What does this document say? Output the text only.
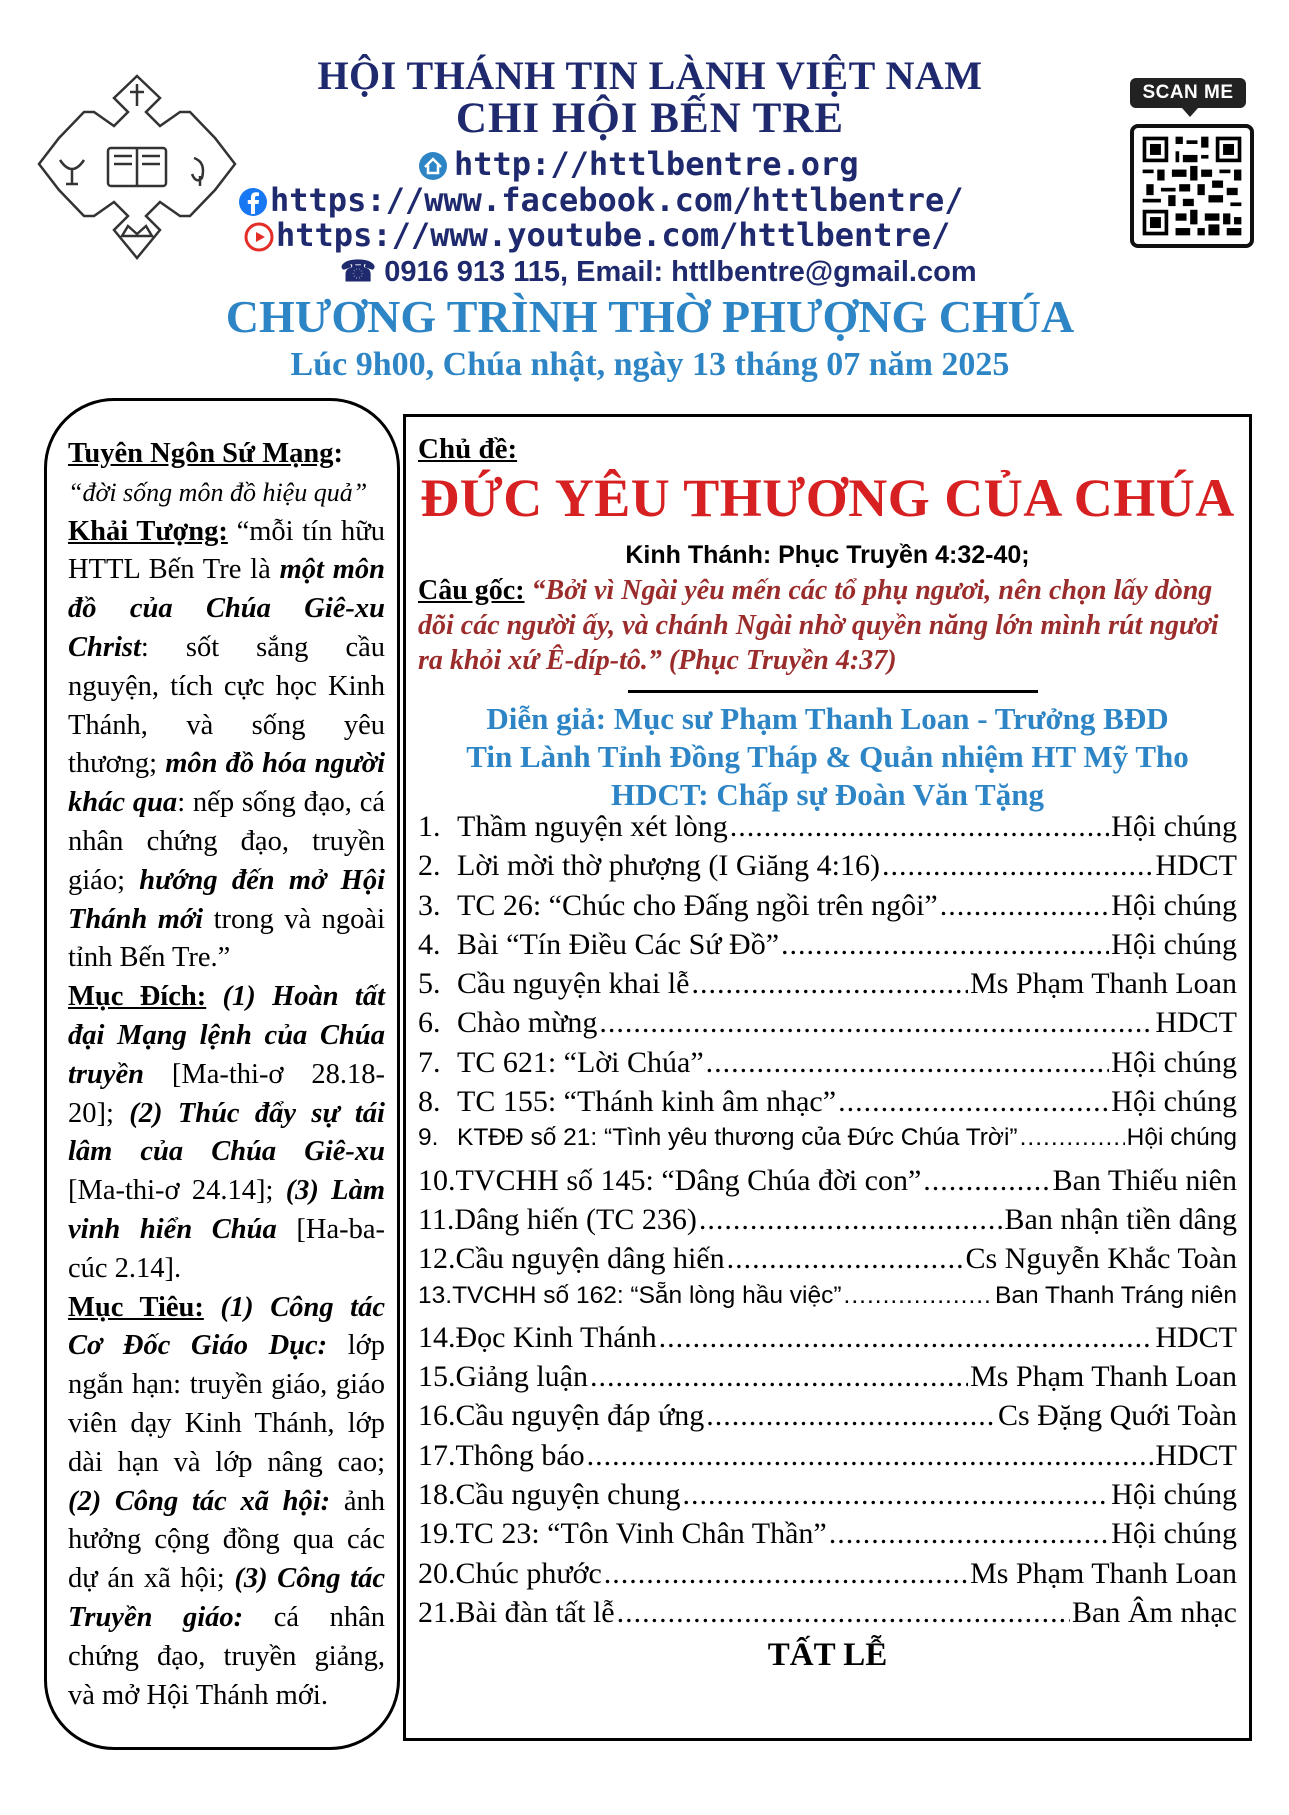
SCAN ME
HỘI THÁNH TIN LÀNH VIỆT NAM
CHI HỘI BẾN TRE
http://httlbentre.org
https://www.facebook.com/httlbentre/
https://www.youtube.com/httlbentre/
☎ 0916 913 115, Email: httlbentre@gmail.com
CHƯƠNG TRÌNH THỜ PHƯỢNG CHÚA
Lúc 9h00, Chúa nhật, ngày 13 tháng 07 năm 2025

Tuyên Ngôn Sứ Mạng:
“đời sống môn đồ hiệu quả”

Khải Tượng: “mỗi tín hữu HTTL Bến Tre là một môn đồ của Chúa Giê-xu Christ: sốt sắng cầu nguyện, tích cực học Kinh Thánh, và sống yêu thương; môn đồ hóa người khác qua: nếp sống đạo, cá nhân chứng đạo, truyền giáo; hướng đến mở Hội Thánh mới trong và ngoài tỉnh Bến Tre.”

Mục Đích: (1) Hoàn tất đại Mạng lệnh của Chúa truyền [Ma-thi-ơ 28.18-20]; (2) Thúc đẩy sự tái lâm của Chúa Giê-xu [Ma-thi-ơ 24.14]; (3) Làm vinh hiển Chúa [Ha-ba-cúc 2.14].

Mục Tiêu: (1) Công tác Cơ Đốc Giáo Dục: lớp ngắn hạn: truyền giáo, giáo viên dạy Kinh Thánh, lớp dài hạn và lớp nâng cao; (2) Công tác xã hội: ảnh hưởng cộng đồng qua các dự án xã hội; (3) Công tác Truyền giáo: cá nhân chứng đạo, truyền giảng, và mở Hội Thánh mới.

Chủ đề:
ĐỨC YÊU THƯƠNG CỦA CHÚA
Kinh Thánh: Phục Truyền 4:32-40;
Câu gốc: “Bởi vì Ngài yêu mến các tổ phụ ngươi, nên chọn lấy dòng dõi các người ấy, và chánh Ngài nhờ quyền năng lớn mình rút ngươi ra khỏi xứ Ê-díp-tô.” (Phục Truyền 4:37)
Diễn giả: Mục sư Phạm Thanh Loan - Trưởng BĐD
Tin Lành Tỉnh Đồng Tháp & Quản nhiệm HT Mỹ Tho
HDCT: Chấp sự Đoàn Văn Tặng
1. Thầm nguyện xét lòng .....	Hội chúng
2. Lời mời thờ phượng (I Giăng 4:16) .....	HDCT
3. TC 26: “Chúc cho Đấng ngồi trên ngôi” .....	Hội chúng
4. Bài “Tín Điều Các Sứ Đồ” .....	Hội chúng
5. Cầu nguyện khai lễ .....	Ms Phạm Thanh Loan
6. Chào mừng .....	HDCT
7. TC 621: “Lời Chúa” .....	Hội chúng
8. TC 155: “Thánh kinh âm nhạc” .....	Hội chúng
9. KTĐĐ số 21: “Tình yêu thương của Đức Chúa Trời” .....	Hội chúng
10. TVCHH số 145: “Dâng Chúa đời con” .....	Ban Thiếu niên
11. Dâng hiến (TC 236) .....	Ban nhận tiền dâng
12. Cầu nguyện dâng hiến .....	Cs Nguyễn Khắc Toàn
13. TVCHH số 162: “Sẵn lòng hầu việc” .....	Ban Thanh Tráng niên
14. Đọc Kinh Thánh .....	HDCT
15. Giảng luận .....	Ms Phạm Thanh Loan
16. Cầu nguyện đáp ứng .....	Cs Đặng Quới Toàn
17. Thông báo .....	HDCT
18. Cầu nguyện chung .....	Hội chúng
19. TC 23: “Tôn Vinh Chân Thần” .....	Hội chúng
20. Chúc phước .....	Ms Phạm Thanh Loan
21. Bài đàn tất lễ .....	Ban Âm nhạc
TẤT LỄ
